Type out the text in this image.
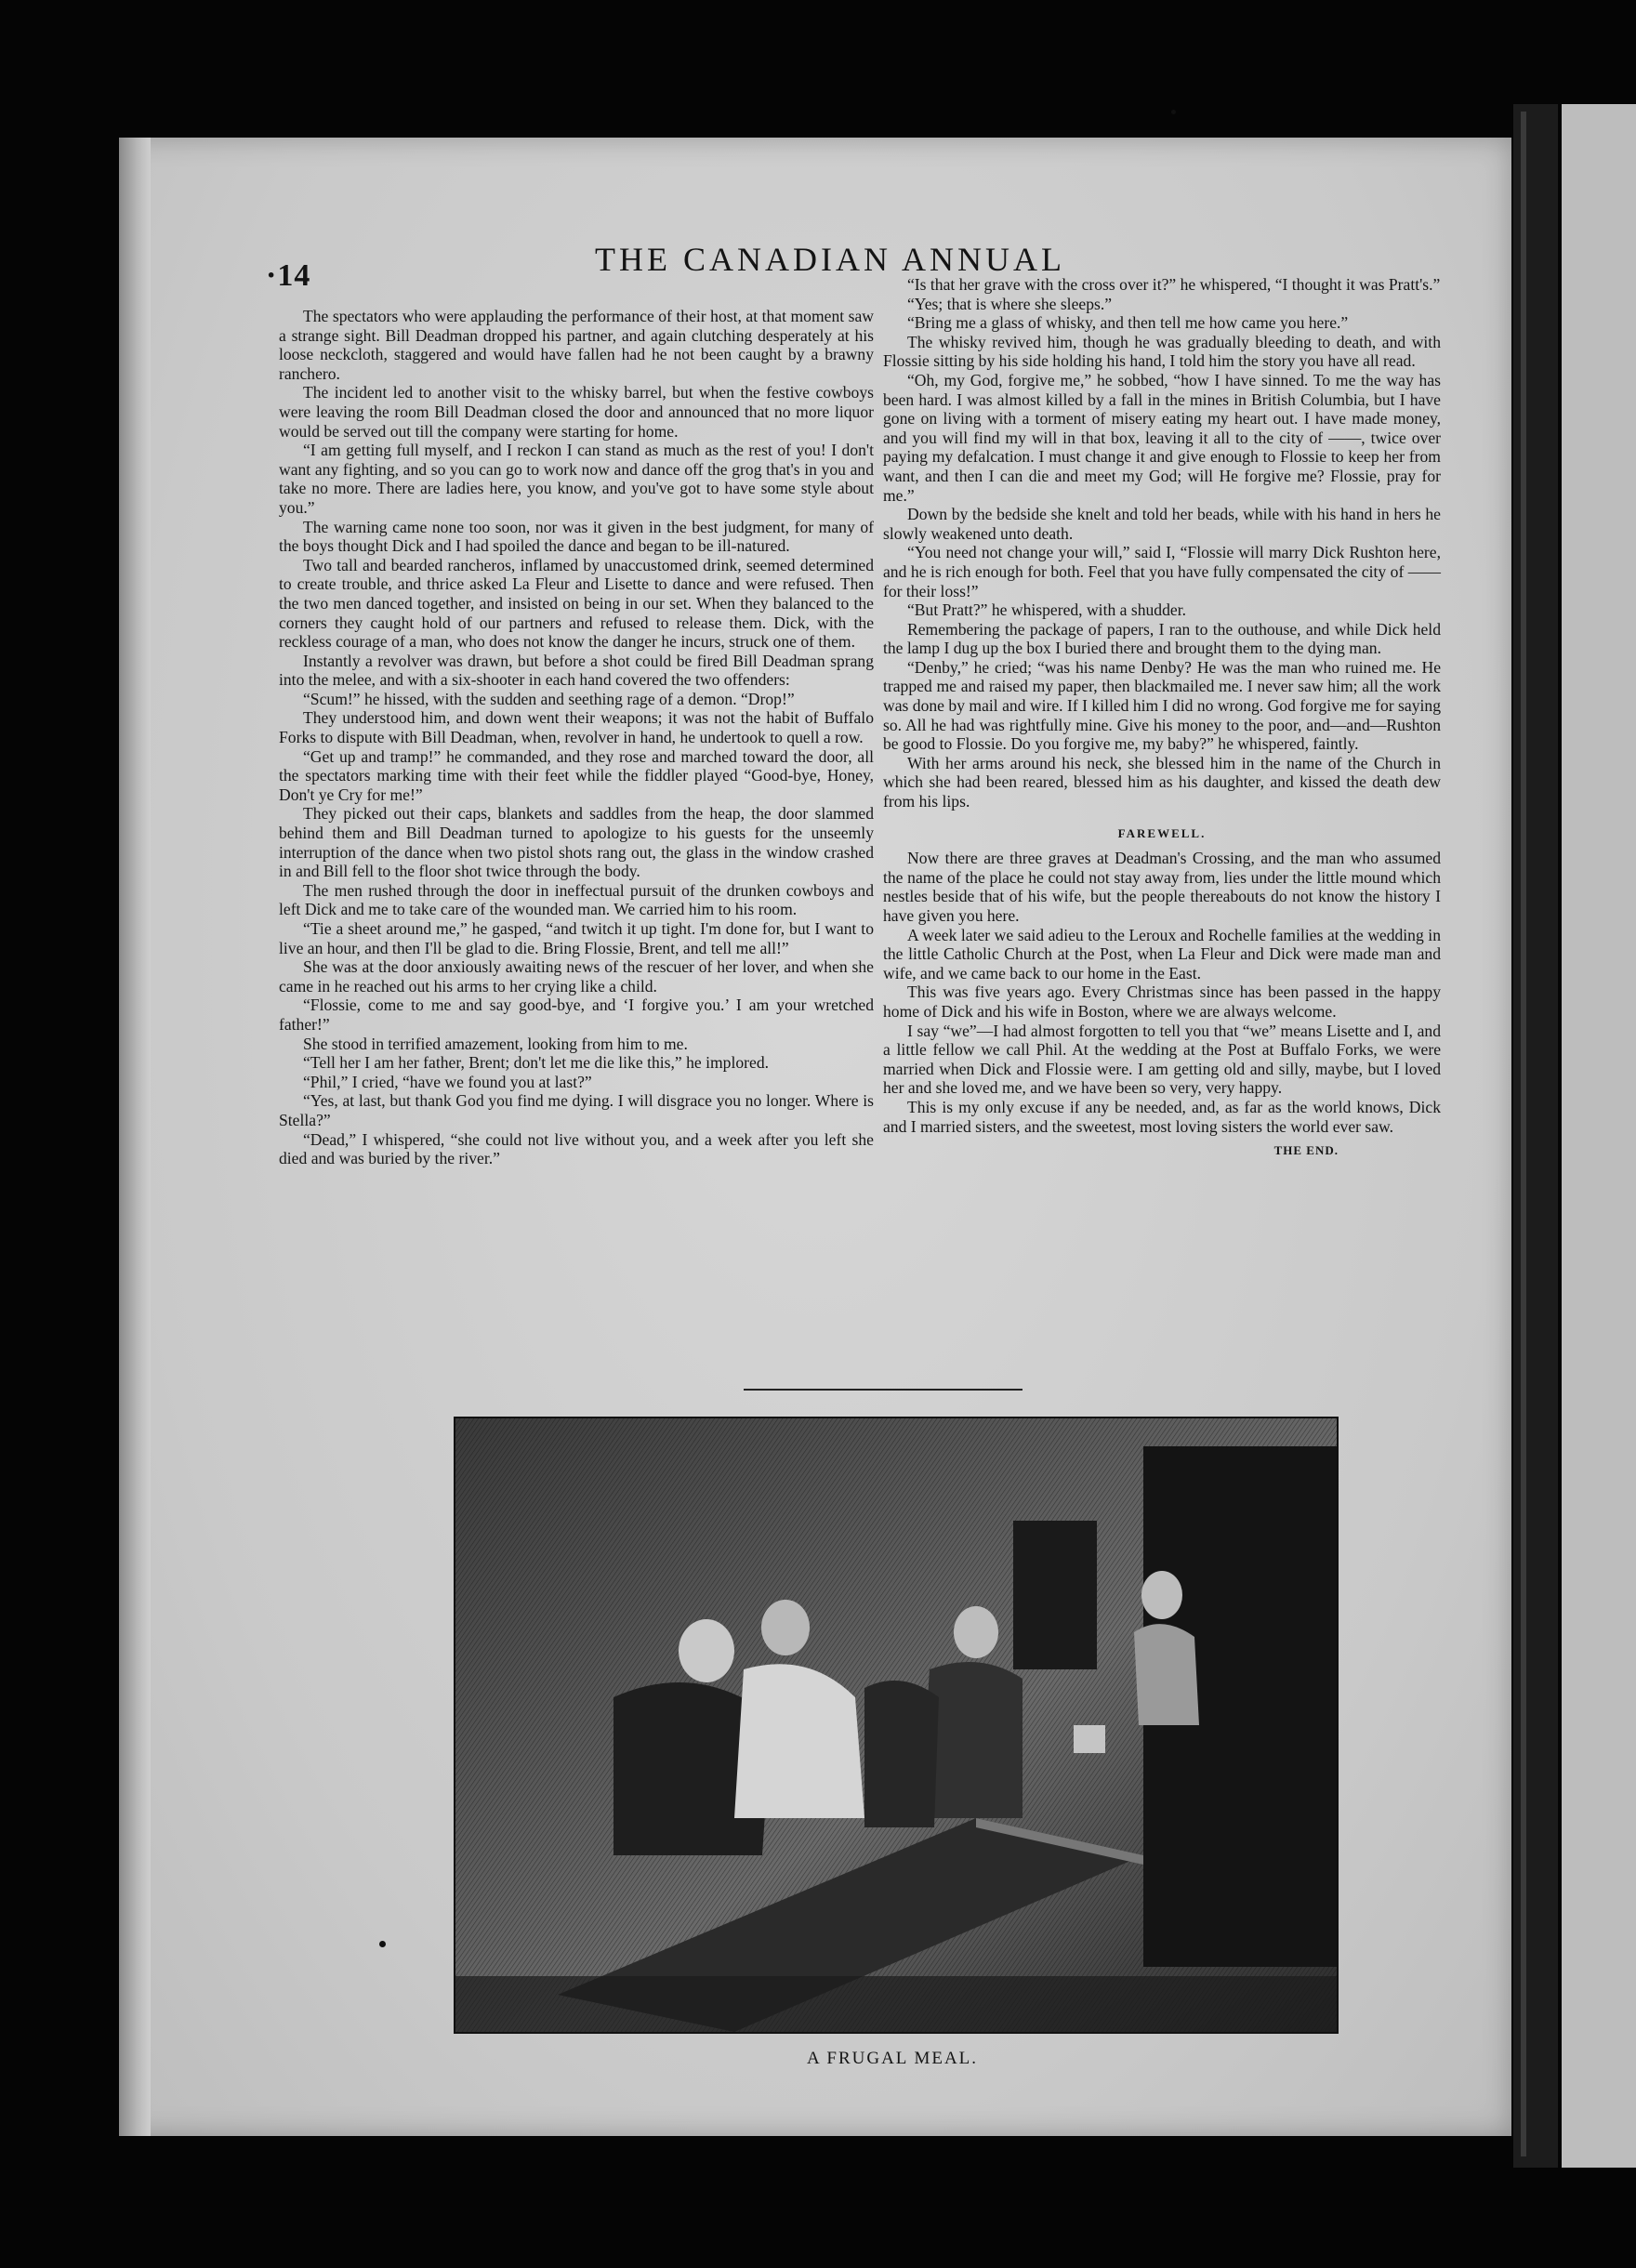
·14	THE CANADIAN ANNUAL

The spectators who were applauding the performance of their host, at that moment saw a strange sight. Bill Deadman dropped his partner, and again clutching desperately at his loose neckcloth, staggered and would have fallen had he not been caught by a brawny ranchero.

The incident led to another visit to the whisky barrel, but when the festive cowboys were leaving the room Bill Deadman closed the door and announced that no more liquor would be served out till the company were starting for home.

“I am getting full myself, and I reckon I can stand as much as the rest of you! I don't want any fighting, and so you can go to work now and dance off the grog that's in you and take no more. There are ladies here, you know, and you've got to have some style about you.”

The warning came none too soon, nor was it given in the best judgment, for many of the boys thought Dick and I had spoiled the dance and began to be ill-natured.

Two tall and bearded rancheros, inflamed by unaccustomed drink, seemed determined to create trouble, and thrice asked La Fleur and Lisette to dance and were refused. Then the two men danced together, and insisted on being in our set. When they balanced to the corners they caught hold of our partners and refused to release them. Dick, with the reckless courage of a man, who does not know the danger he incurs, struck one of them.

Instantly a revolver was drawn, but before a shot could be fired Bill Deadman sprang into the melee, and with a six-shooter in each hand covered the two offenders:

“Scum!” he hissed, with the sudden and seething rage of a demon. “Drop!”

They understood him, and down went their weapons; it was not the habit of Buffalo Forks to dispute with Bill Deadman, when, revolver in hand, he undertook to quell a row.

“Get up and tramp!” he commanded, and they rose and marched toward the door, all the spectators marking time with their feet while the fiddler played “Good-bye, Honey, Don't ye Cry for me!”

They picked out their caps, blankets and saddles from the heap, the door slammed behind them and Bill Deadman turned to apologize to his guests for the unseemly interruption of the dance when two pistol shots rang out, the glass in the window crashed in and Bill fell to the floor shot twice through the body.

The men rushed through the door in ineffectual pursuit of the drunken cowboys and left Dick and me to take care of the wounded man. We carried him to his room.

“Tie a sheet around me,” he gasped, “and twitch it up tight. I'm done for, but I want to live an hour, and then I'll be glad to die. Bring Flossie, Brent, and tell me all!”

She was at the door anxiously awaiting news of the rescuer of her lover, and when she came in he reached out his arms to her crying like a child.

“Flossie, come to me and say good-bye, and ‘I forgive you.’ I am your wretched father!”

She stood in terrified amazement, looking from him to me.

“Tell her I am her father, Brent; don't let me die like this,” he implored.

“Phil,” I cried, “have we found you at last?”

“Yes, at last, but thank God you find me dying. I will disgrace you no longer. Where is Stella?”

“Dead,” I whispered, “she could not live without you, and a week after you left she died and was buried by the river.”

“Is that her grave with the cross over it?” he whispered, “I thought it was Pratt's.”

“Yes; that is where she sleeps.”

“Bring me a glass of whisky, and then tell me how came you here.”

The whisky revived him, though he was gradually bleeding to death, and with Flossie sitting by his side holding his hand, I told him the story you have all read.

“Oh, my God, forgive me,” he sobbed, “how I have sinned. To me the way has been hard. I was almost killed by a fall in the mines in British Columbia, but I have gone on living with a torment of misery eating my heart out. I have made money, and you will find my will in that box, leaving it all to the city of ——, twice over paying my defalcation. I must change it and give enough to Flossie to keep her from want, and then I can die and meet my God; will He forgive me? Flossie, pray for me.”

Down by the bedside she knelt and told her beads, while with his hand in hers he slowly weakened unto death.

“You need not change your will,” said I, “Flossie will marry Dick Rushton here, and he is rich enough for both. Feel that you have fully compensated the city of —— for their loss!”

“But Pratt?” he whispered, with a shudder.

Remembering the package of papers, I ran to the outhouse, and while Dick held the lamp I dug up the box I buried there and brought them to the dying man.

“Denby,” he cried; “was his name Denby? He was the man who ruined me. He trapped me and raised my paper, then blackmailed me. I never saw him; all the work was done by mail and wire. If I killed him I did no wrong. God forgive me for saying so. All he had was rightfully mine. Give his money to the poor, and—and—Rushton be good to Flossie. Do you forgive me, my baby?” he whispered, faintly.

With her arms around his neck, she blessed him in the name of the Church in which she had been reared, blessed him as his daughter, and kissed the death dew from his lips.

FAREWELL.

Now there are three graves at Deadman's Crossing, and the man who assumed the name of the place he could not stay away from, lies under the little mound which nestles beside that of his wife, but the people thereabouts do not know the history I have given you here.

A week later we said adieu to the Leroux and Rochelle families at the wedding in the little Catholic Church at the Post, when La Fleur and Dick were made man and wife, and we came back to our home in the East.

This was five years ago. Every Christmas since has been passed in the happy home of Dick and his wife in Boston, where we are always welcome.

I say “we”—I had almost forgotten to tell you that “we” means Lisette and I, and a little fellow we call Phil. At the wedding at the Post at Buffalo Forks, we were married when Dick and Flossie were. I am getting old and silly, maybe, but I loved her and she loved me, and we have been so very, very happy.

This is my only excuse if any be needed, and, as far as the world knows, Dick and I married sisters, and the sweetest, most loving sisters the world ever saw.

THE END.
A FRUGAL MEAL.
